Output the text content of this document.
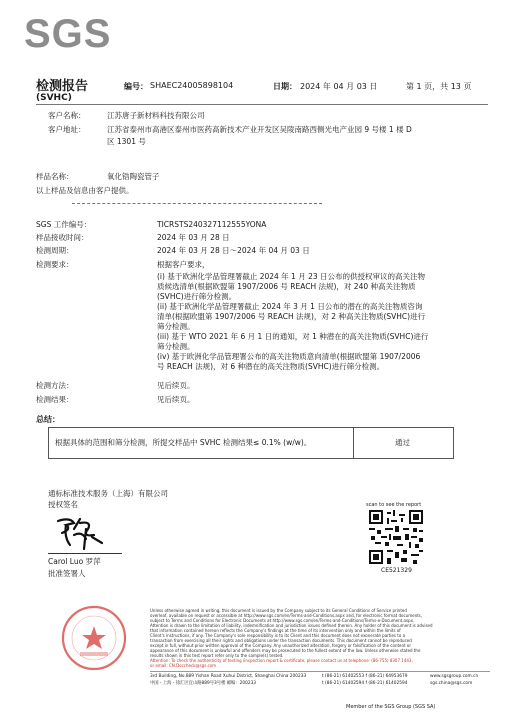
SGS
检测报告
(SVHC)
编号： SHAEC24005898104	日期： 2024 年 04 月 03 日	第 1 页，共 13 页
客户名称：	江苏唐子新材料科技有限公司
客户地址：	江苏省泰州市高港区泰州市医药高新技术产业开发区吴陵南路西侧光电产业园 9 号楼 1 楼 D
区 1301 号
样品名称：	氧化锆陶瓷管子
以上样品及信息由客户提供。
SGS 工作编号：	TICRSTS240327112555YONA
样品接收时间：	2024 年 03 月 28 日
检测周期：	2024 年 03 月 28 日～2024 年 04 月 03 日
检测要求：	根据客户要求，
(i) 基于欧洲化学品管理署截止 2024 年 1 月 23 日公布的供授权审议的高关注物
质候选清单(根据欧盟第 1907/2006 号 REACH 法规)，对 240 种高关注物质
(SVHC)进行筛分检测。
(ii) 基于欧洲化学品管理署截止 2024 年 3 月 1 日公布的潜在的高关注物质咨询
清单(根据欧盟第 1907/2006 号 REACH 法规)，对 2 种高关注物质(SVHC)进行
筛分检测。
(iii) 基于 WTO 2021 年 6 月 1 日的通知，对 1 种潜在的高关注物质(SVHC)进行
筛分检测。
(iv) 基于欧洲化学品管理署公布的高关注物质意向清单(根据欧盟第 1907/2006
号 REACH 法规)，对 6 种潜在的高关注物质(SVHC)进行筛分检测。
检测方法：	见后续页。
检测结果：	见后续页。
总结：
根据具体的范围和筛分检测，所提交样品中 SVHC 检测结果≤ 0.1% (w/w)。	通过
通标标准技术服务（上海）有限公司
授权签名
Carol Luo 罗萍
批准签署人
scan to see the report
CE521329
Unless otherwise agreed in writing, this document is issued by the Company subject to its General Conditions of Service printed
overleaf, available on request or accessible at http://www.sgs.com/en/Terms-and-Conditions.aspx and, for electronic format documents,
subject to Terms and Conditions for Electronic Documents at http://www.sgs.com/en/Terms-and-Conditions/Terms-e-Document.aspx.
Attention is drawn to the limitation of liability, indemnification and jurisdiction issues defined therein. Any holder of this document is advised
that information contained hereon reflects the Company's findings at the time of its intervention only and within the limits of
Client's instructions, if any. The Company's sole responsibility is to its Client and this document does not exonerate parties to a
transaction from exercising all their rights and obligations under the transaction documents. This document cannot be reproduced
except in full, without prior written approval of the Company. Any unauthorized alteration, forgery or falsification of the content or
appearance of this document is unlawful and offenders may be prosecuted to the fullest extent of the law. Unless otherwise stated the
results shown in this test report refer only to the sample(s) tested.
Attention: To check the authenticity of testing /inspection report & certificate, please contact us at telephone: (86-755) 8307 1443,
or email: CN.Doccheck@sgs.com
3rd Building, No.889 Yishan Road Xuhui District, Shanghai China 200233
中国・上海・徐汇区宜山路889号3号楼 邮编：200233
t (86-21) 61402553 f (86-21) 64953679
t (86-21) 61402594 f (86-21) 61402594
www.sgsgroup.com.cn
sgs.china@sgs.com
Member of the SGS Group (SGS SA)
